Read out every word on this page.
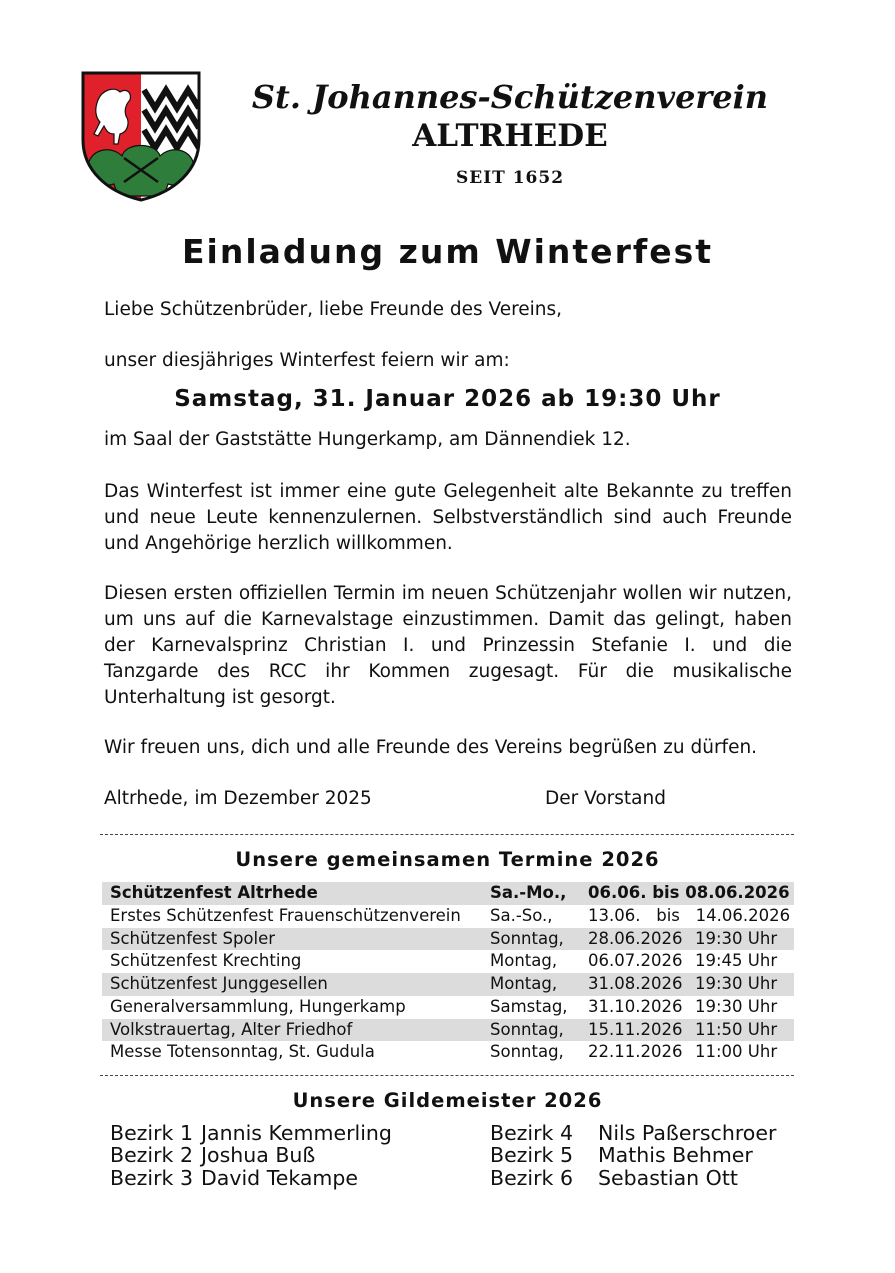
St. Johannes-Schützenverein
ALTRHEDE
SEIT 1652
Einladung zum Winterfest
Liebe Schützenbrüder, liebe Freunde des Vereins,
unser diesjähriges Winterfest feiern wir am:
Samstag, 31. Januar 2026 ab 19:30 Uhr
im Saal der Gaststätte Hungerkamp, am Dännendiek 12.
Das Winterfest ist immer eine gute Gelegenheit alte Bekannte zu treffen und neue Leute kennenzulernen. Selbstverständlich sind auch Freunde und Angehörige herzlich willkommen.
Diesen ersten offiziellen Termin im neuen Schützenjahr wollen wir nutzen, um uns auf die Karnevalstage einzustimmen. Damit das gelingt, haben der Karnevalsprinz Christian I. und Prinzessin Stefanie I. und die Tanzgarde des RCC ihr Kommen zugesagt. Für die musikalische Unterhaltung ist gesorgt.
Wir freuen uns, dich und alle Freunde des Vereins begrüßen zu dürfen.
Altrhede, im Dezember 2025	Der Vorstand
Unsere gemeinsamen Termine 2026
Schützenfest Altrhede	Sa.-Mo., 06.06. bis 08.06.2026
Erstes Schützenfest Frauenschützenverein Sa.-So., 13.06.   bis   14.06.2026
Schützenfest Spoler	Sonntag, 28.06.2026 19:30 Uhr
Schützenfest Krechting	Montag, 06.07.2026 19:45 Uhr
Schützenfest Junggesellen	Montag, 31.08.2026 19:30 Uhr
Generalversammlung, Hungerkamp	Samstag, 31.10.2026 19:30 Uhr
Volkstrauertag, Alter Friedhof	Sonntag, 15.11.2026 11:50 Uhr
Messe Totensonntag, St. Gudula	Sonntag, 22.11.2026 11:00 Uhr
Unsere Gildemeister 2026
Bezirk 1 Jannis Kemmerling
Bezirk 2 Joshua Buß
Bezirk 3 David Tekampe
Bezirk 4 Nils Paßerschroer
Bezirk 5 Mathis Behmer
Bezirk 6 Sebastian Ott
